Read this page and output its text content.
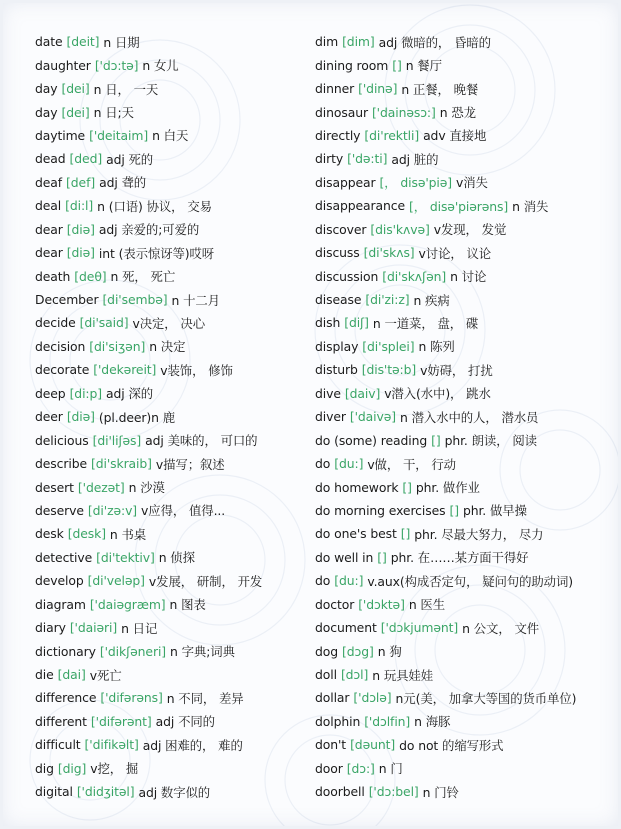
date [deit] n 日期
daughter ['dɔ:tə] n 女儿
day [dei] n 日， 一天
day [dei] n 日;天
daytime ['deitaim] n 白天
dead [ded] adj 死的
deaf [def] adj 聋的
deal [di:l] n (口语) 协议， 交易
dear [diə] adj 亲爱的;可爱的
dear [diə] int (表示惊讶等)哎呀
death [deθ] n 死， 死亡
December [di'sembə] n 十二月
decide [di'said] v决定， 决心
decision [di'siʒən] n 决定
decorate ['dekəreit] v装饰， 修饰
deep [di:p] adj 深的
deer [diə] (pl.deer)n 鹿
delicious [di'liʃəs] adj 美味的， 可口的
describe [di'skraib] v描写；叙述
desert ['dezət] n 沙漠
deserve [di'zə:v] v应得， 值得...
desk [desk] n 书桌
detective [di'tektiv] n 侦探
develop [di'veləp] v发展， 研制， 开发
diagram ['daiəgræm] n 图表
diary ['daiəri] n 日记
dictionary ['dikʃəneri] n 字典;词典
die [dai] v死亡
difference ['difərəns] n 不同， 差异
different ['difərənt] adj 不同的
difficult ['difikəlt] adj 困难的， 难的
dig [dig] v挖， 掘
digital ['didʒitəl] adj 数字似的
dim [dim] adj 微暗的， 昏暗的
dining room [] n 餐厅
dinner ['dinə] n 正餐， 晚餐
dinosaur ['dainəsɔ:] n 恐龙
directly [di'rektli] adv 直接地
dirty ['də:ti] adj 脏的
disappear [， disə'piə] v消失
disappearance [， disə'piərəns] n 消失
discover [dis'kʌvə] v发现， 发觉
discuss [di'skʌs] v讨论， 议论
discussion [di'skʌʃən] n 讨论
disease [di'zi:z] n 疾病
dish [diʃ] n 一道菜， 盘， 碟
display [di'splei] n 陈列
disturb [dis'tə:b] v妨碍， 打扰
dive [daiv] v潜入(水中)， 跳水
diver ['daivə] n 潜入水中的人， 潜水员
do (some) reading [] phr. 朗读， 阅读
do [du:] v做， 干， 行动
do homework [] phr. 做作业
do morning exercises [] phr. 做早操
do one's best [] phr. 尽最大努力， 尽力
do well in [] phr. 在……某方面干得好
do [du:] v.aux(构成否定句， 疑问句的助动词)
doctor ['dɔktə] n 医生
document ['dɔkjumənt] n 公文， 文件
dog [dɔg] n 狗
doll [dɔl] n 玩具娃娃
dollar ['dɔlə] n元(美， 加拿大等国的货币单位)
dolphin ['dɔlfin] n 海豚
don't [dəunt] do not 的缩写形式
door [dɔ:] n 门
doorbell ['dɔ:bel] n 门铃
